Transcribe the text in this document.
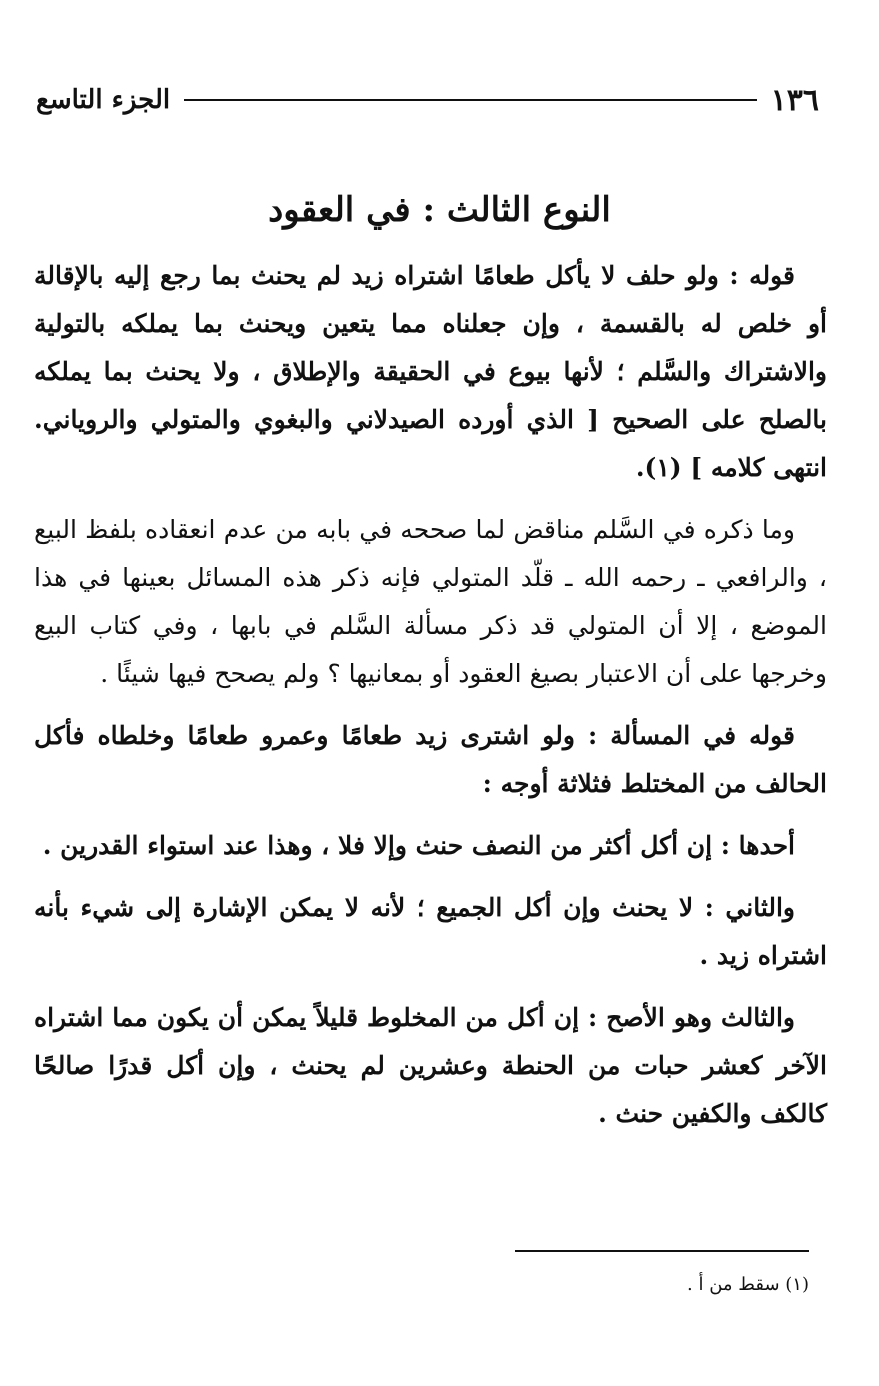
١٣٦
الجزء التاسع
النوع الثالث : في العقود

قوله : ولو حلف لا يأكل طعامًا اشتراه زيد لم يحنث بما رجع إليه بالإقالة أو خلص له بالقسمة ، وإن جعلناه مما يتعين ويحنث بما يملكه بالتولية والاشتراك والسَّلم ؛ لأنها بيوع في الحقيقة والإطلاق ، ولا يحنث بما يملكه بالصلح على الصحيح [ الذي أورده الصيدلاني والبغوي والمتولي والروياني. انتهى كلامه ] (١).

وما ذكره في السَّلم مناقض لما صححه في بابه من عدم انعقاده بلفظ البيع ، والرافعي ـ رحمه الله ـ قلّد المتولي فإنه ذكر هذه المسائل بعينها في هذا الموضع ، إلا أن المتولي قد ذكر مسألة السَّلم في بابها ، وفي كتاب البيع وخرجها على أن الاعتبار بصيغ العقود أو بمعانيها ؟ ولم يصحح فيها شيئًا .

قوله في المسألة : ولو اشترى زيد طعامًا وعمرو طعامًا وخلطاه فأكل الحالف من المختلط فثلاثة أوجه :

أحدها : إن أكل أكثر من النصف حنث وإلا فلا ، وهذا عند استواء القدرين .

والثاني : لا يحنث وإن أكل الجميع ؛ لأنه لا يمكن الإشارة إلى شيء بأنه اشتراه زيد .

والثالث وهو الأصح : إن أكل من المخلوط قليلاً يمكن أن يكون مما اشتراه الآخر كعشر حبات من الحنطة وعشرين لم يحنث ، وإن أكل قدرًا صالحًا كالكف والكفين حنث .

(١) سقط من أ .
